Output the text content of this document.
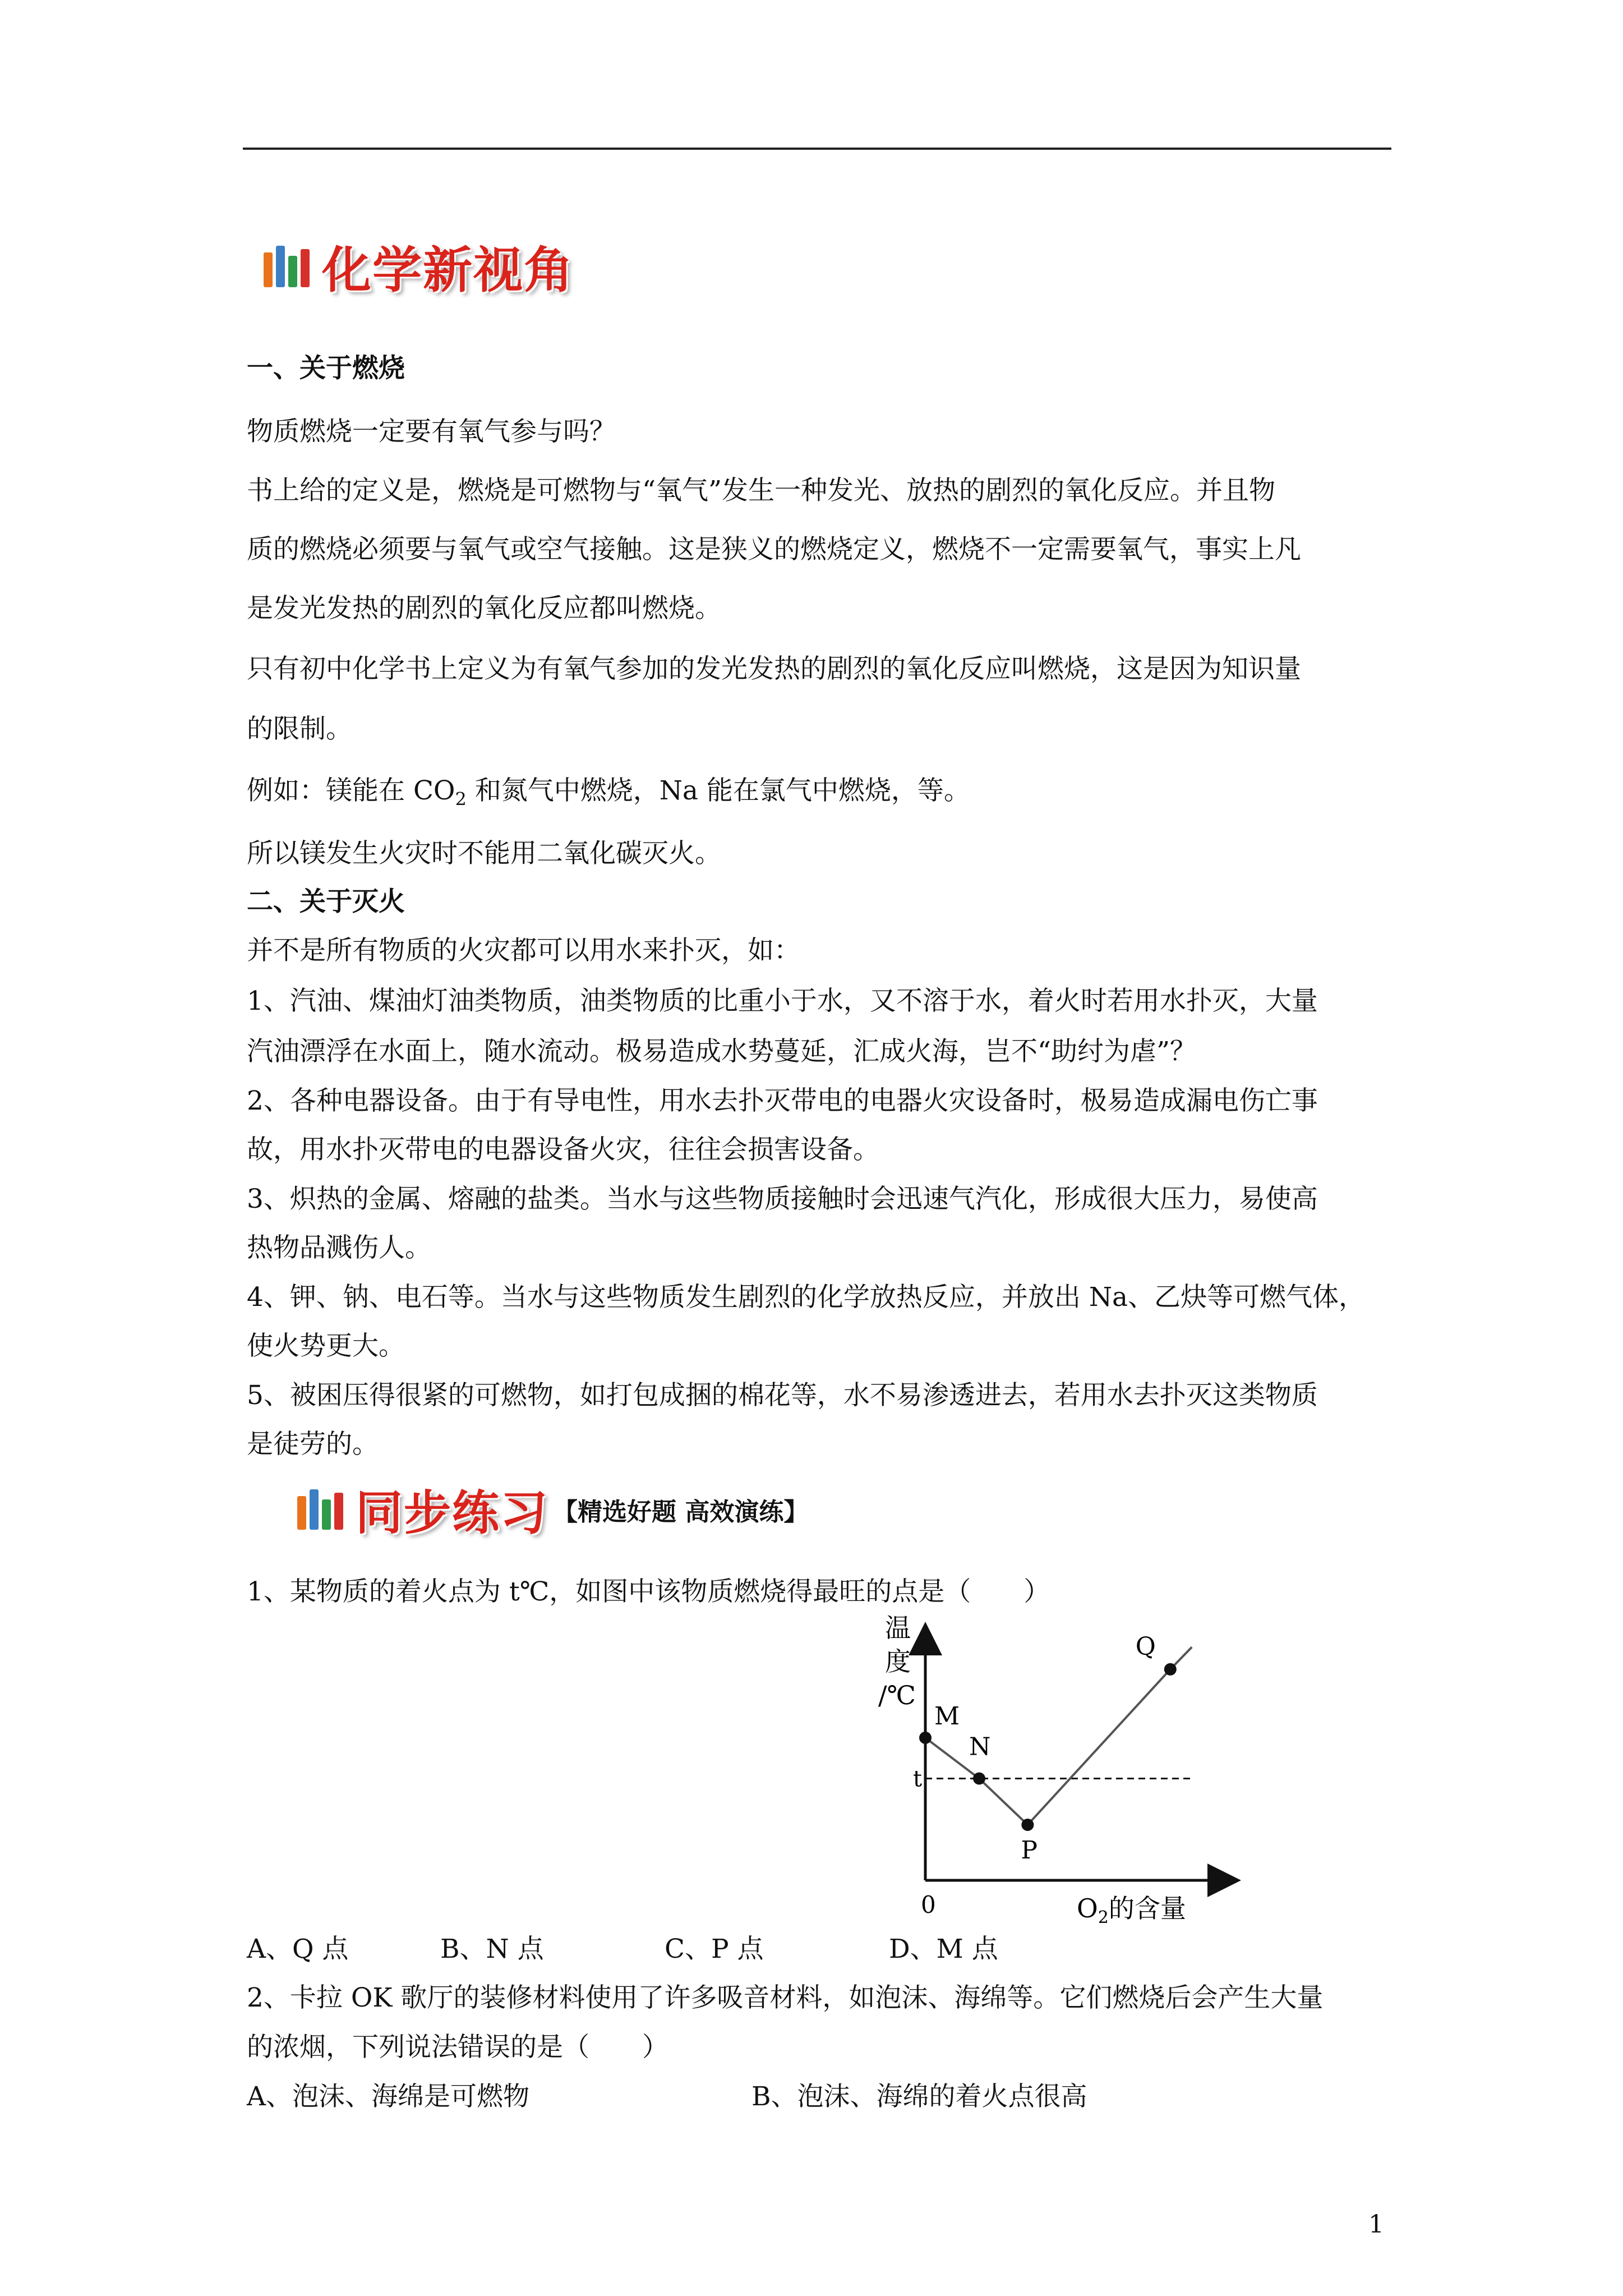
化学新视角
一、关于燃烧
物质燃烧一定要有氧气参与吗？
书上给的定义是，燃烧是可燃物与“氧气”发生一种发光、放热的剧烈的氧化反应。并且物
质的燃烧必须要与氧气或空气接触。这是狭义的燃烧定义，燃烧不一定需要氧气，事实上凡
是发光发热的剧烈的氧化反应都叫燃烧。
只有初中化学书上定义为有氧气参加的发光发热的剧烈的氧化反应叫燃烧，这是因为知识量
的限制。
例如：镁能在 $CO_2$ 和氮气中燃烧，Na 能在氯气中燃烧，等。
所以镁发生火灾时不能用二氧化碳灭火。
二、关于灭火
并不是所有物质的火灾都可以用水来扑灭，如：
1、汽油、煤油灯油类物质，油类物质的比重小于水，又不溶于水，着火时若用水扑灭，大量
汽油漂浮在水面上，随水流动。极易造成水势蔓延，汇成火海，岂不“助纣为虐”？
2、各种电器设备。由于有导电性，用水去扑灭带电的电器火灾设备时，极易造成漏电伤亡事
故，用水扑灭带电的电器设备火灾，往往会损害设备。
3、炽热的金属、熔融的盐类。当水与这些物质接触时会迅速气汽化，形成很大压力，易使高
热物品溅伤人。
4、钾、钠、电石等。当水与这些物质发生剧烈的化学放热反应，并放出 Na、乙炔等可燃气体，
使火势更大。
5、被困压得很紧的可燃物，如打包成捆的棉花等，水不易渗透进去，若用水去扑灭这类物质
是徒劳的。
同步练习 【精选好题 高效演练】
1、某物质的着火点为 t℃，如图中该物质燃烧得最旺的点是（　　）
温
度
/℃
0	$O_2$的含量
t
M
N
P
Q
A、Q 点	B、N 点	C、P 点	D、M 点
2、卡拉 OK 歌厅的装修材料使用了许多吸音材料，如泡沫、海绵等。它们燃烧后会产生大量
的浓烟，下列说法错误的是（　　）
A、泡沫、海绵是可燃物	B、泡沫、海绵的着火点很高
1
